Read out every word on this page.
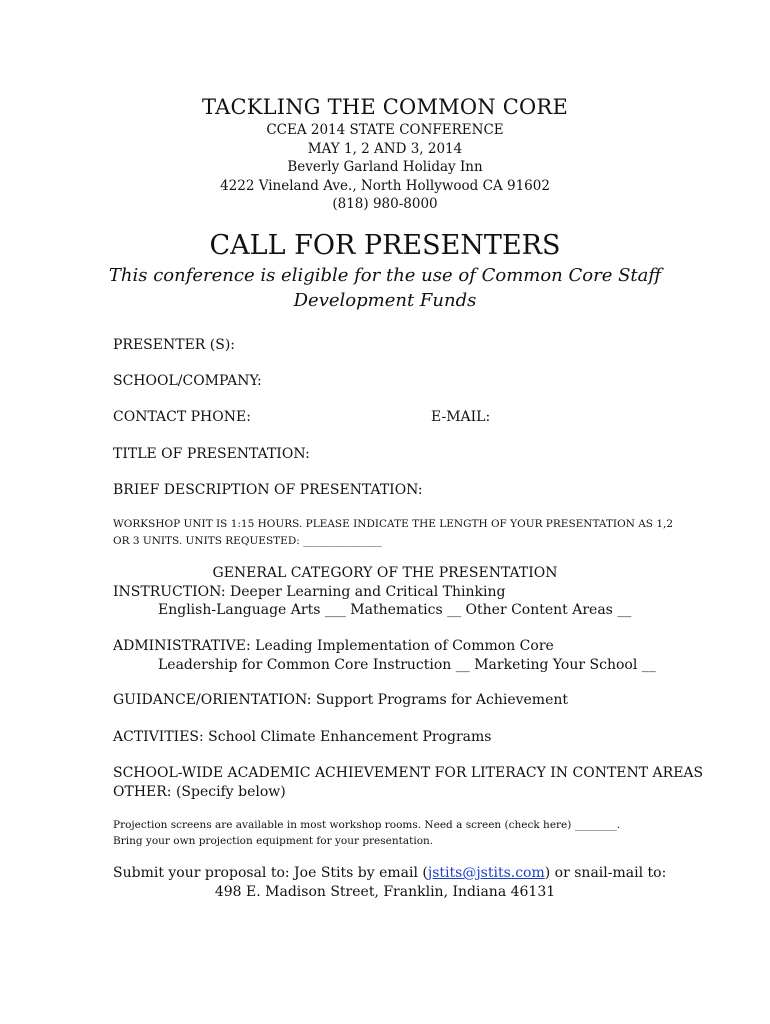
TACKLING THE COMMON CORE
CCEA 2014 STATE CONFERENCE
MAY 1, 2 AND 3, 2014
Beverly Garland Holiday Inn
4222 Vineland Ave., North Hollywood CA 91602
(818) 980-8000
CALL FOR PRESENTERS
This conference is eligible for the use of Common Core Staff
Development Funds
PRESENTER (S):
SCHOOL/COMPANY:
CONTACT PHONE:	E-MAIL:
TITLE OF PRESENTATION:
BRIEF DESCRIPTION OF PRESENTATION:
WORKSHOP UNIT IS 1:15 HOURS. PLEASE INDICATE THE LENGTH OF YOUR PRESENTATION AS 1,2
OR 3 UNITS. UNITS REQUESTED: _______________
GENERAL CATEGORY OF THE PRESENTATION
INSTRUCTION: Deeper Learning and Critical Thinking
English-Language Arts ___ Mathematics __ Other Content Areas __
ADMINISTRATIVE: Leading Implementation of Common Core
Leadership for Common Core Instruction __ Marketing Your School __
GUIDANCE/ORIENTATION: Support Programs for Achievement
ACTIVITIES: School Climate Enhancement Programs
SCHOOL-WIDE ACADEMIC ACHIEVEMENT FOR LITERACY IN CONTENT AREAS
OTHER: (Specify below)
Projection screens are available in most workshop rooms. Need a screen (check here) ________.
Bring your own projection equipment for your presentation.
Submit your proposal to: Joe Stits by email (jstits@jstits.com) or snail-mail to:
498 E. Madison Street, Franklin, Indiana 46131
